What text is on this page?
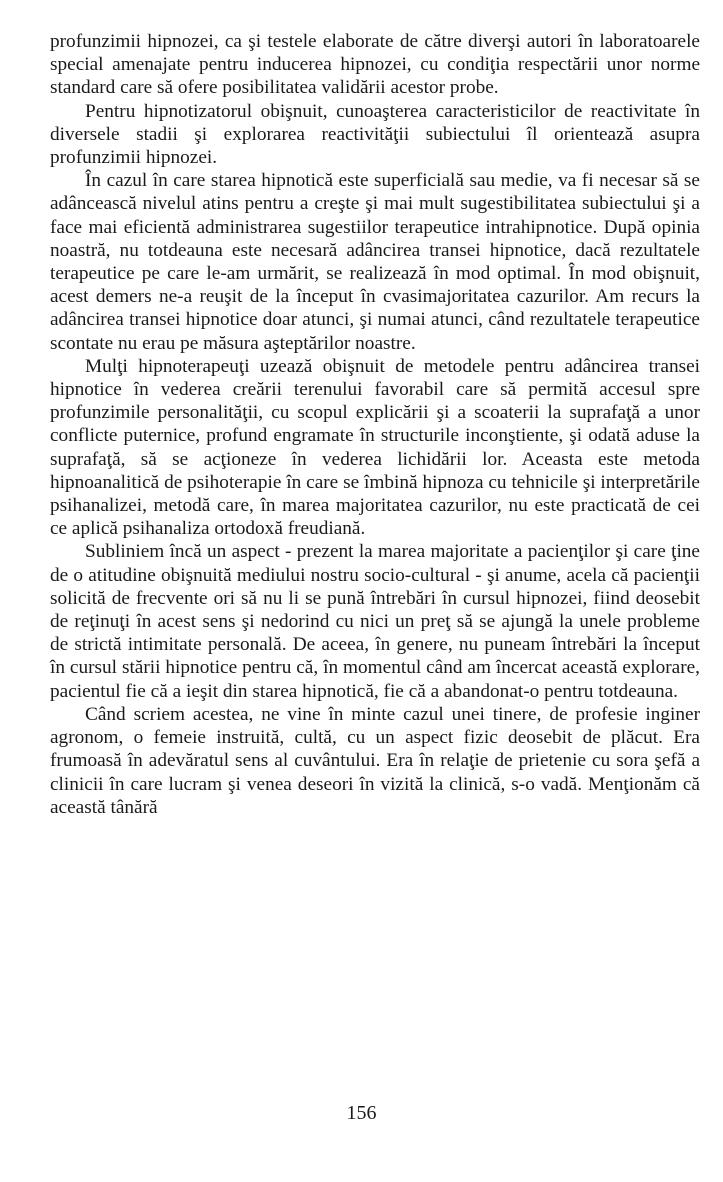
profunzimii hipnozei, ca şi testele elaborate de către diverşi autori în laboratoarele special amenajate pentru inducerea hipnozei, cu condiţia respectării unor norme standard care să ofere posibilitatea validării acestor probe.

Pentru hipnotizatorul obişnuit, cunoaşterea caracteristicilor de reactivitate în diversele stadii şi explorarea reactivităţii subiectului îl orientează asupra profunzimii hipnozei.

În cazul în care starea hipnotică este superficială sau medie, va fi necesar să se adâncească nivelul atins pentru a creşte şi mai mult sugestibilitatea subiectului şi a face mai eficientă administrarea sugestiilor terapeutice intrahipnotice. După opinia noastră, nu totdeauna este necesară adâncirea transei hipnotice, dacă rezultatele terapeutice pe care le-am urmărit, se realizează în mod optimal. În mod obişnuit, acest demers ne-a reuşit de la început în cvasimajoritatea cazurilor. Am recurs la adâncirea transei hipnotice doar atunci, şi numai atunci, când rezultatele terapeutice scontate nu erau pe măsura aşteptărilor noastre.

Mulţi hipnoterapeuţi uzează obişnuit de metodele pentru adâncirea transei hipnotice în vederea creării terenului favorabil care să permită accesul spre profunzimile personalităţii, cu scopul explicării şi a scoaterii la suprafaţă a unor conflicte puternice, profund engramate în structurile inconştiente, şi odată aduse la suprafaţă, să se acţioneze în vederea lichidării lor. Aceasta este metoda hipnoanalitică de psihoterapie în care se îmbină hipnoza cu tehnicile şi interpretările psihanalizei, metodă care, în marea majoritatea cazurilor, nu este practicată de cei ce aplică psihanaliza ortodoxă freudiană.

Subliniem încă un aspect - prezent la marea majoritate a pacienţilor şi care ţine de o atitudine obişnuită mediului nostru socio-cultural - şi anume, acela că pacienţii solicită de frecvente ori să nu li se pună întrebări în cursul hipnozei, fiind deosebit de reţinuţi în acest sens şi nedorind cu nici un preţ să se ajungă la unele probleme de strictă intimitate personală. De aceea, în genere, nu puneam întrebări la început în cursul stării hipnotice pentru că, în momentul când am încercat această explorare, pacientul fie că a ieşit din starea hipnotică, fie că a abandonat-o pentru totdeauna.

Când scriem acestea, ne vine în minte cazul unei tinere, de profesie inginer agronom, o femeie instruită, cultă, cu un aspect fizic deosebit de plăcut. Era frumoasă în adevăratul sens al cuvântului. Era în relaţie de prietenie cu sora şefă a clinicii în care lucram şi venea deseori în vizită la clinică, s-o vadă. Menţionăm că această tânără

156
